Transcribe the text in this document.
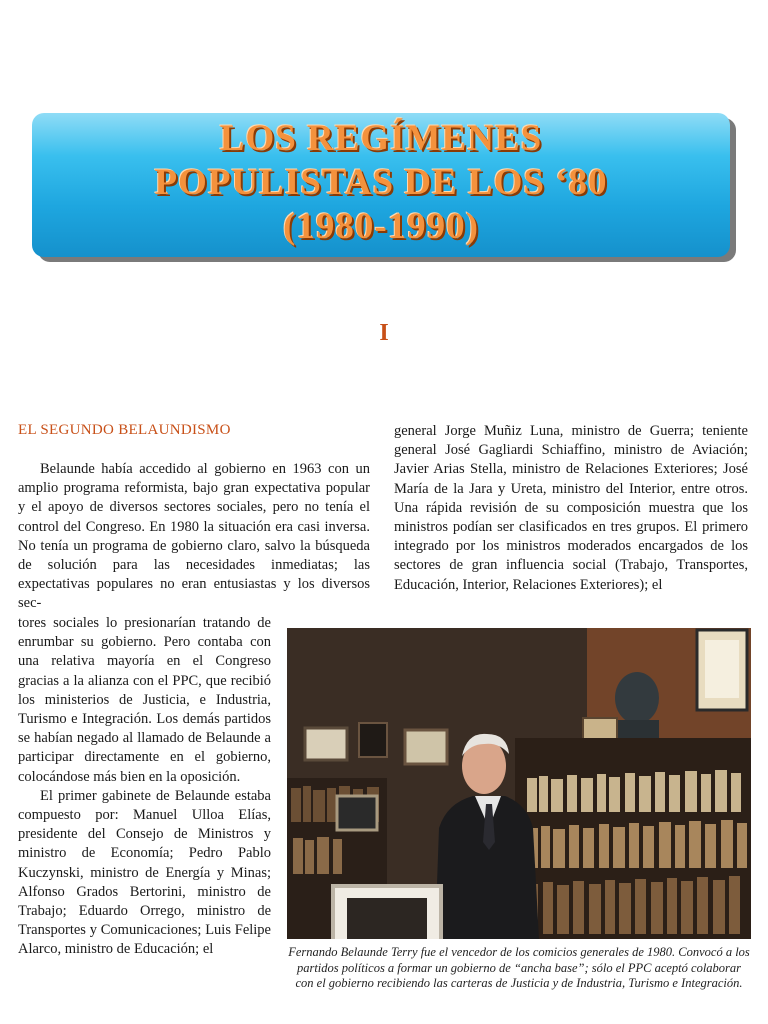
LOS REGÍMENES
POPULISTAS DE LOS ‘80
(1980-1990)
I
EL SEGUNDO BELAUNDISMO

Belaunde había accedido al gobierno en 1963 con un amplio programa reformista, bajo gran expectativa popular y el apoyo de diversos sectores sociales, pero no tenía el control del Congreso. En 1980 la situación era casi inversa. No tenía un programa de gobierno claro, salvo la búsqueda de solución para las necesidades inmediatas; las expectativas populares no eran entusiastas y los diversos sec-

tores sociales lo presionarían tratando de enrumbar su gobierno. Pero contaba con una relativa mayoría en el Congreso gracias a la alianza con el PPC, que recibió los ministerios de Justicia, e Industria, Turismo e Integración. Los demás partidos se habían negado al llamado de Belaunde a participar directamente en el gobierno, colocándose más bien en la oposición.

El primer gabinete de Belaunde estaba compuesto por: Manuel Ulloa Elías, presidente del Consejo de Ministros y ministro de Economía; Pedro Pablo Kuczynski, ministro de Energía y Minas; Alfonso Grados Bertorini, ministro de Trabajo; Eduardo Orrego, ministro de Transportes y Comunicaciones; Luis Felipe Alarco, ministro de Educación; el

general Jorge Muñiz Luna, ministro de Guerra; teniente general José Gagliardi Schiaffino, ministro de Aviación; Javier Arias Stella, ministro de Relaciones Exteriores; José María de la Jara y Ureta, ministro del Interior, entre otros. Una rápida revisión de su composición muestra que los ministros podían ser clasificados en tres grupos. El primero integrado por los ministros moderados encargados de los sectores de gran influencia social (Trabajo, Transportes, Educación, Interior, Relaciones Exteriores); el

Fernando Belaunde Terry fue el vencedor de los comicios generales de 1980. Convocó a los partidos políticos a formar un gobierno de “ancha base”; sólo el PPC aceptó colaborar con el gobierno recibiendo las carteras de Justicia y de Industria, Turismo e Integración.
